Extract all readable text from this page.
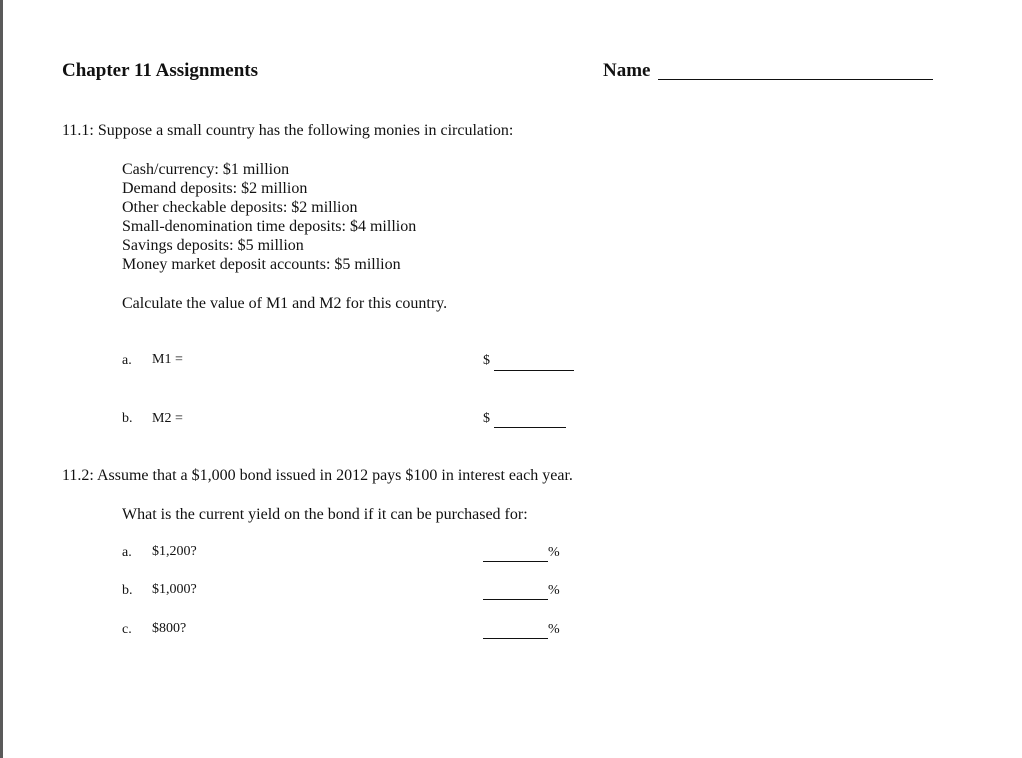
Chapter 11 Assignments	Name
11.1: Suppose a small country has the following monies in circulation:
Cash/currency: $1 million
Demand deposits: $2 million
Other checkable deposits: $2 million
Small-denomination time deposits: $4 million
Savings deposits: $5 million
Money market deposit accounts: $5 million
Calculate the value of M1 and M2 for this country.
a. M1 =	$
b. M2 =	$
11.2: Assume that a $1,000 bond issued in 2012 pays $100 in interest each year.
What is the current yield on the bond if it can be purchased for:
a. $1,200?	%
b. $1,000?	%
c. $800?	%
